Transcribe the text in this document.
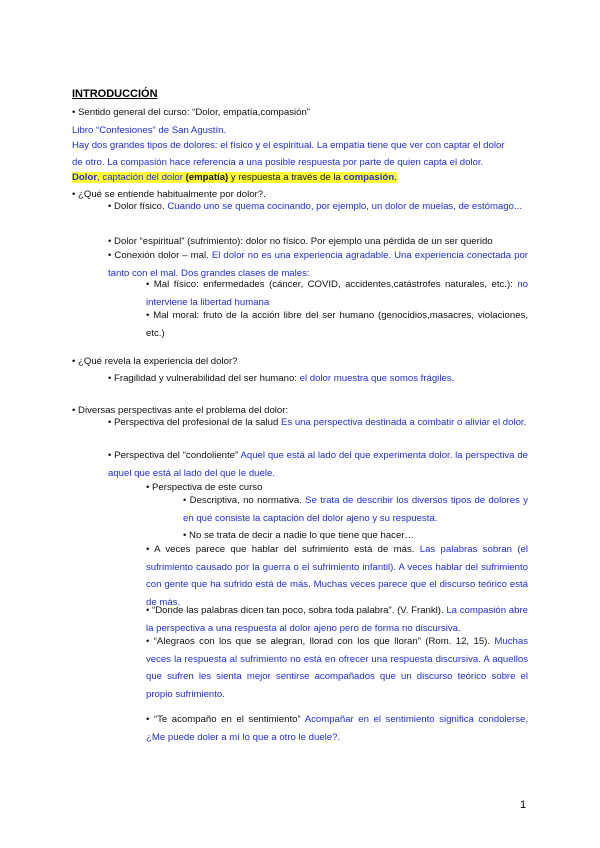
INTRODUCCIÓN
• Sentido general del curso: “Dolor, empatía,compasión”
Libro “Confesiones” de San Agustín.
Hay dos grandes tipos de dolores: el físico y el espiritual. La empatía tiene que ver con captar el dolor
de otro. La compasión hace referencia a una posible respuesta por parte de quien capta el dolor.
Dolor, captación del dolor (empatía) y respuesta a través de la compasión.
• ¿Qué se entiende habitualmente por dolor?.
• Dolor físico. Cuando uno se quema cocinando, por ejemplo, un dolor de muelas, de estómago...
• Dolor “espiritual” (sufrimiento): dolor no físico. Por ejemplo una pérdida de un ser querido
• Conexión dolor – mal. El dolor no es una experiencia agradable. Una experiencia conectada por tanto con el mal. Dos grandes clases de males:
• Mal físico: enfermedades (cáncer, COVID, accidentes,catástrofes naturales, etc.): no interviene la libertad humana
• Mal moral: fruto de la acción libre del ser humano (genocidios,masacres, violaciones, etc.)
• ¿Qué revela la experiencia del dolor?
• Fragilidad y vulnerabilidad del ser humano: el dolor muestra que somos frágiles.
• Diversas perspectivas ante el problema del dolor:
• Perspectiva del profesional de la salud Es una perspectiva destinada a combatir o aliviar el dolor.
• Perspectiva del “condoliente” Aquel que está al lado del que experimenta dolor. la perspectiva de aquel que está al lado del que le duele.
• Perspectiva de este curso
• Descriptiva, no normativa. Se trata de describir los diversos tipos de dolores y en qué consiste la captación del dolor ajeno y su respuesta.
• No se trata de decir a nadie lo que tiene que hacer…
• A veces parece que hablar del sufrimiento está de más. Las palabras sobran (el sufrimiento causado por la guerra o el sufrimiento infantil). A veces hablar del sufrimiento con gente que ha sufrido está de más. Muchas veces parece que el discurso teórico está de más.
• “Donde las palabras dicen tan poco, sobra toda palabra”. (V. Frankl). La compasión abre la perspectiva a una respuesta al dolor ajeno pero de forma no discursiva.
• “Alegraos con los que se alegran, llorad con los que lloran” (Rom. 12, 15). Muchas veces la respuesta al sufrimiento no está en ofrecer una respuesta discursiva. A aquellos que sufren les sienta mejor sentirse acompañados que un discurso teórico sobre el propio sufrimiento.
• “Te acompaño en el sentimiento” Acompañar en el sentimiento significa condolerse, ¿Me puede doler a mí lo que a otro le duele?.
1
